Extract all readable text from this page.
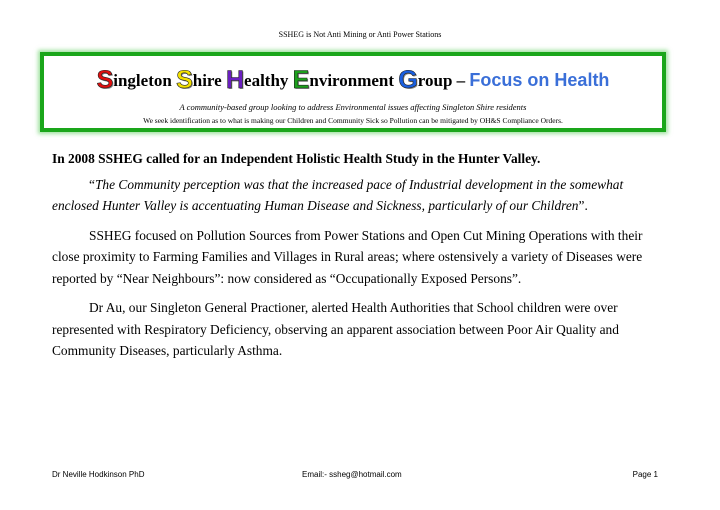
SSHEG is Not Anti Mining or Anti Power Stations
Singleton Shire Healthy Environment Group – Focus on Health
A community-based group looking to address Environmental issues affecting Singleton Shire residents
We seek identification as to what is making our Children and Community Sick so Pollution can be mitigated by OH&S Compliance Orders.

In 2008 SSHEG called for an Independent Holistic Health Study in the Hunter Valley.

“The Community perception was that the increased pace of Industrial development in the somewhat enclosed Hunter Valley is accentuating Human Disease and Sickness, particularly of our Children”.

SSHEG focused on Pollution Sources from Power Stations and Open Cut Mining Operations with their close proximity to Farming Families and Villages in Rural areas; where ostensively a variety of Diseases were reported by “Near Neighbours”: now considered as “Occupationally Exposed Persons”.

Dr Au, our Singleton General Practioner, alerted Health Authorities that School children were over represented with Respiratory Deficiency, observing an apparent association between Poor Air Quality and Community Diseases, particularly Asthma.

Dr Neville Hodkinson PhD	Email:- ssheg@hotmail.com	Page 1
